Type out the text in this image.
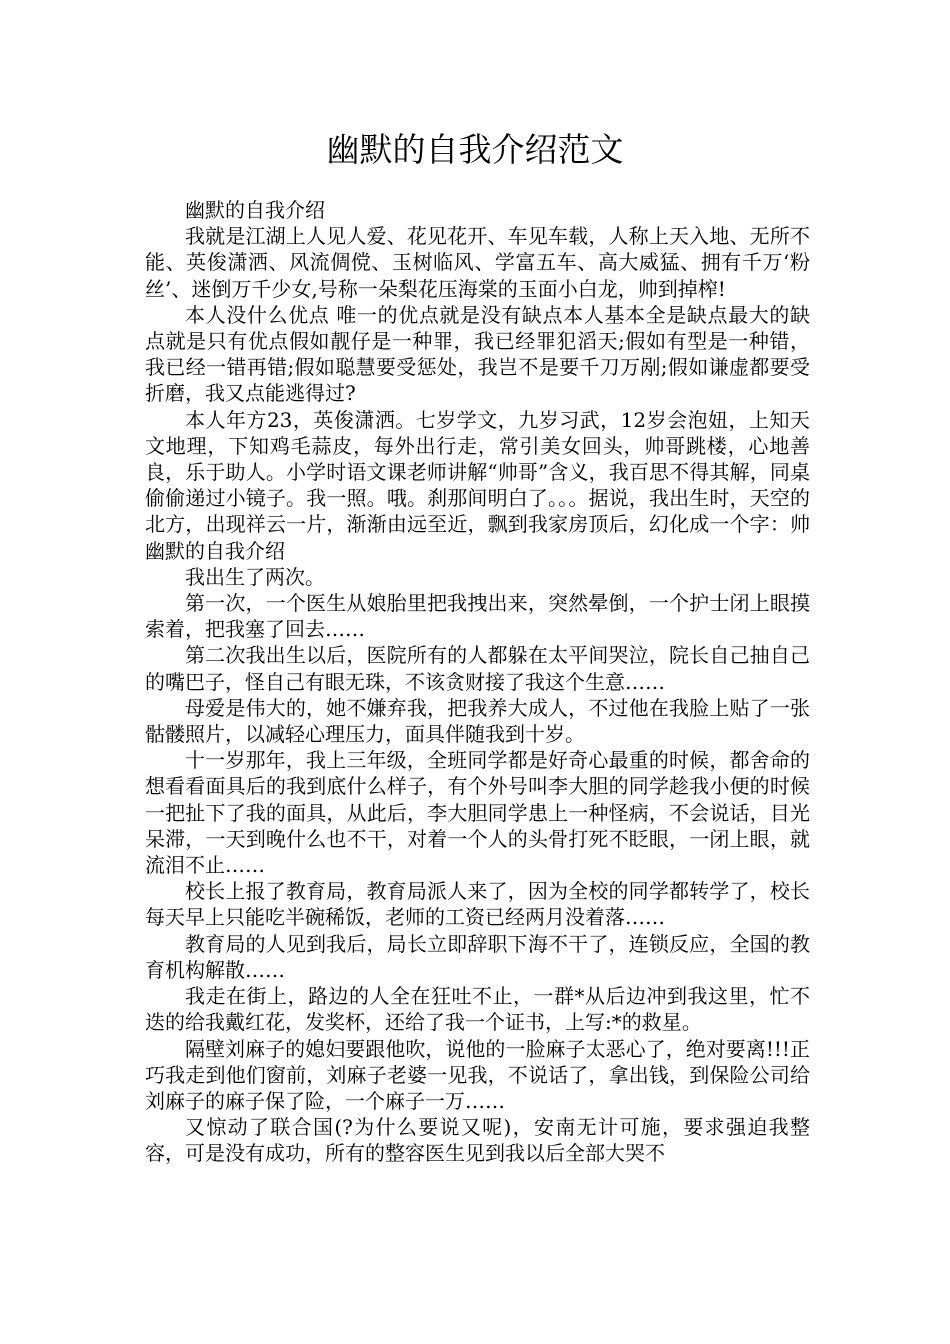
幽默的自我介绍范文

幽默的自我介绍

我就是江湖上人见人爱、花见花开、车见车载，人称上天入地、无所不能、英俊潇洒、风流倜傥、玉树临风、学富五车、高大威猛、拥有千万‘粉丝’、迷倒万千少女,号称一朵梨花压海棠的玉面小白龙，帅到掉榨!

本人没什么优点 唯一的优点就是没有缺点本人基本全是缺点最大的缺点就是只有优点假如靓仔是一种罪，我已经罪犯滔天;假如有型是一种错，我已经一错再错;假如聪慧要受惩处，我岂不是要千刀万剐;假如谦虚都要受折磨，我又点能逃得过?

本人年方23，英俊潇洒。七岁学文，九岁习武，12岁会泡妞，上知天文地理，下知鸡毛蒜皮，每外出行走，常引美女回头，帅哥跳楼，心地善良，乐于助人。小学时语文课老师讲解“帅哥”含义，我百思不得其解，同桌偷偷递过小镜子。我一照。哦。刹那间明白了。。。据说，我出生时，天空的北方，出现祥云一片，渐渐由远至近，飘到我家房顶后，幻化成一个字：帅　　幽默的自我介绍

我出生了两次。

第一次，一个医生从娘胎里把我拽出来，突然晕倒，一个护士闭上眼摸索着，把我塞了回去……

第二次我出生以后，医院所有的人都躲在太平间哭泣，院长自己抽自己的嘴巴子，怪自己有眼无珠，不该贪财接了我这个生意……

母爱是伟大的，她不嫌弃我，把我养大成人，不过他在我脸上贴了一张骷髅照片，以减轻心理压力，面具伴随我到十岁。

十一岁那年，我上三年级，全班同学都是好奇心最重的时候，都舍命的想看看面具后的我到底什么样子，有个外号叫李大胆的同学趁我小便的时候一把扯下了我的面具，从此后，李大胆同学患上一种怪病，不会说话，目光呆滞，一天到晚什么也不干，对着一个人的头骨打死不眨眼，一闭上眼，就流泪不止……

校长上报了教育局，教育局派人来了，因为全校的同学都转学了，校长每天早上只能吃半碗稀饭，老师的工资已经两月没着落……

教育局的人见到我后，局长立即辞职下海不干了，连锁反应，全国的教育机构解散……

我走在街上，路边的人全在狂吐不止，一群*从后边冲到我这里，忙不迭的给我戴红花，发奖杯，还给了我一个证书，上写:*的救星。

隔壁刘麻子的媳妇要跟他吹，说他的一脸麻子太恶心了，绝对要离!!!正巧我走到他们窗前，刘麻子老婆一见我，不说话了，拿出钱，到保险公司给刘麻子的麻子保了险，一个麻子一万……

又惊动了联合国(?为什么要说又呢)，安南无计可施，要求强迫我整容，可是没有成功，所有的整容医生见到我以后全部大哭不
